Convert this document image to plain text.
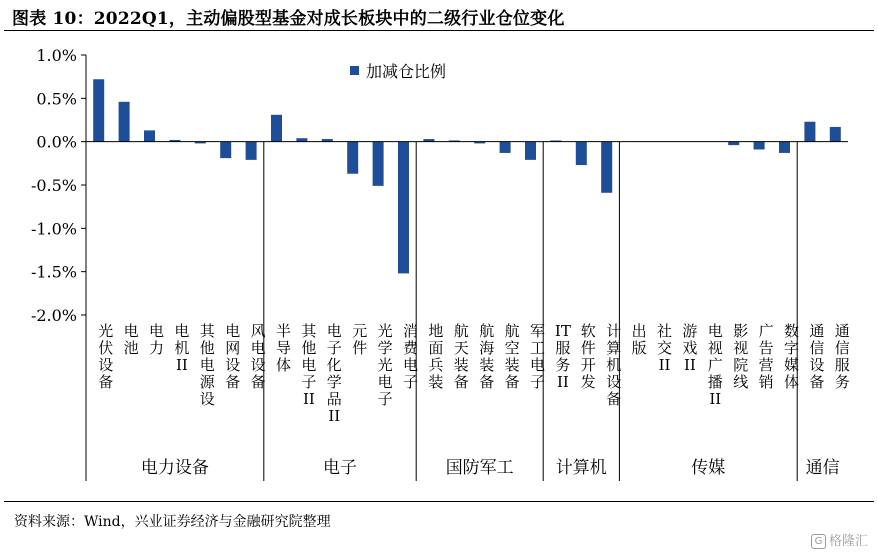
图表 10：2022Q1，主动偏股型基金对成长板块中的二级行业仓位变化
1.0%
0.5%
0.0%
-0.5%
-1.0%
-1.5%
-2.0%
光伏设备
电池
电力
电机 II
其他电源设
电网设备
风电设备
半导体
其他电子 II
电子化学品 II
元件
光学光电子
消费电子
地面兵装
航天装备
航海装备
航空装备
军工电子
IT 服务 II
软件开发
计算机设备
出版
社交 II
游戏 II
电视广播 II
影视院线
广告营销
数字媒体
通信设备
通信服务
电力设备	电子	国防军工 计算机	传媒	通信
加减仓比例
资料来源：Wind，兴业证券经济与金融研究院整理
G 格隆汇
